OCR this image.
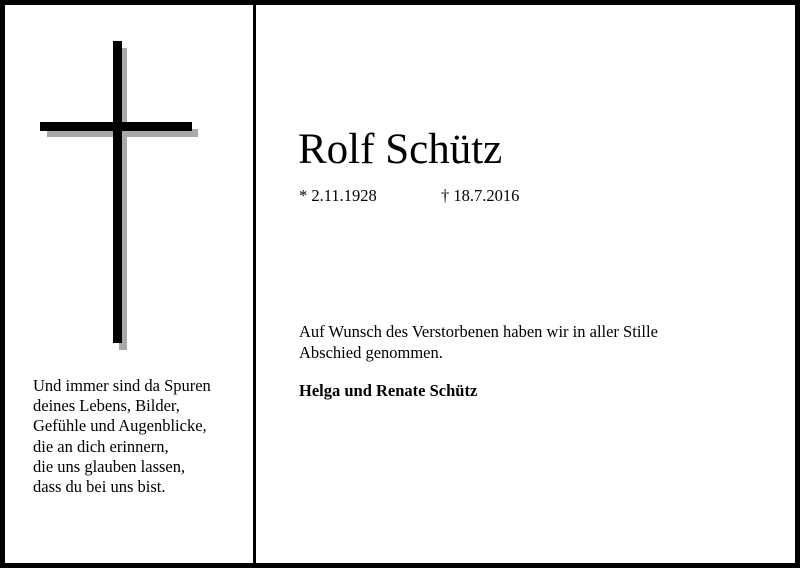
Und immer sind da Spuren
deines Lebens, Bilder,
Gefühle und Augenblicke,
die an dich erinnern,
die uns glauben lassen,
dass du bei uns bist.
Rolf Schütz
* 2.11.1928	† 18.7.2016
Auf Wunsch des Verstorbenen haben wir in aller Stille
Abschied genommen.
Helga und Renate Schütz
